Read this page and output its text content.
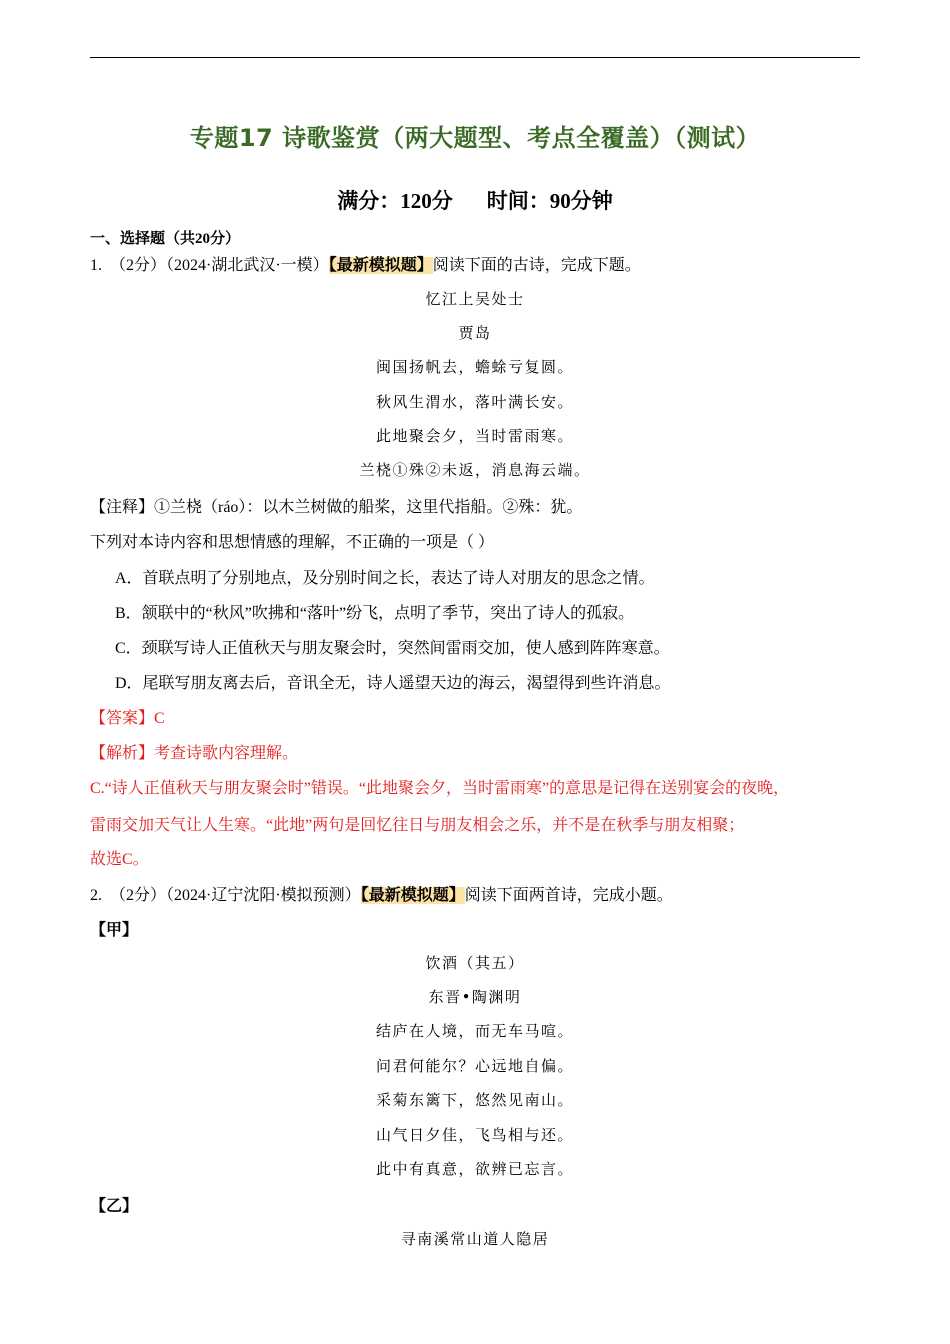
专题17 诗歌鉴赏（两大题型、考点全覆盖）（测试）
满分：120分 时间：90分钟
一、选择题（共20分）
1. （2分）（2024·湖北武汉·一模）【最新模拟题】阅读下面的古诗，完成下题。
忆江上吴处士
贾岛
闽国扬帆去，蟾蜍亏复圆。
秋风生渭水，落叶满长安。
此地聚会夕，当时雷雨寒。
兰桡①殊②未返，消息海云端。
【注释】①兰桡（ráo）：以木兰树做的船桨，这里代指船。②殊：犹。
下列对本诗内容和思想情感的理解，不正确的一项是（ ）
A．首联点明了分别地点，及分别时间之长，表达了诗人对朋友的思念之情。
B．颔联中的“秋风”吹拂和“落叶”纷飞，点明了季节，突出了诗人的孤寂。
C．颈联写诗人正值秋天与朋友聚会时，突然间雷雨交加，使人感到阵阵寒意。
D．尾联写朋友离去后，音讯全无，诗人遥望天边的海云，渴望得到些许消息。
【答案】C
【解析】考查诗歌内容理解。
C.“诗人正值秋天与朋友聚会时”错误。“此地聚会夕，当时雷雨寒”的意思是记得在送别宴会的夜晚，
雷雨交加天气让人生寒。“此地”两句是回忆往日与朋友相会之乐，并不是在秋季与朋友相聚；
故选C。
2. （2分）（2024·辽宁沈阳·模拟预测）【最新模拟题】阅读下面两首诗，完成小题。
【甲】
饮酒（其五）
东晋•陶渊明
结庐在人境，而无车马喧。
问君何能尔？心远地自偏。
采菊东篱下，悠然见南山。
山气日夕佳，飞鸟相与还。
此中有真意，欲辨已忘言。
【乙】
寻南溪常山道人隐居
